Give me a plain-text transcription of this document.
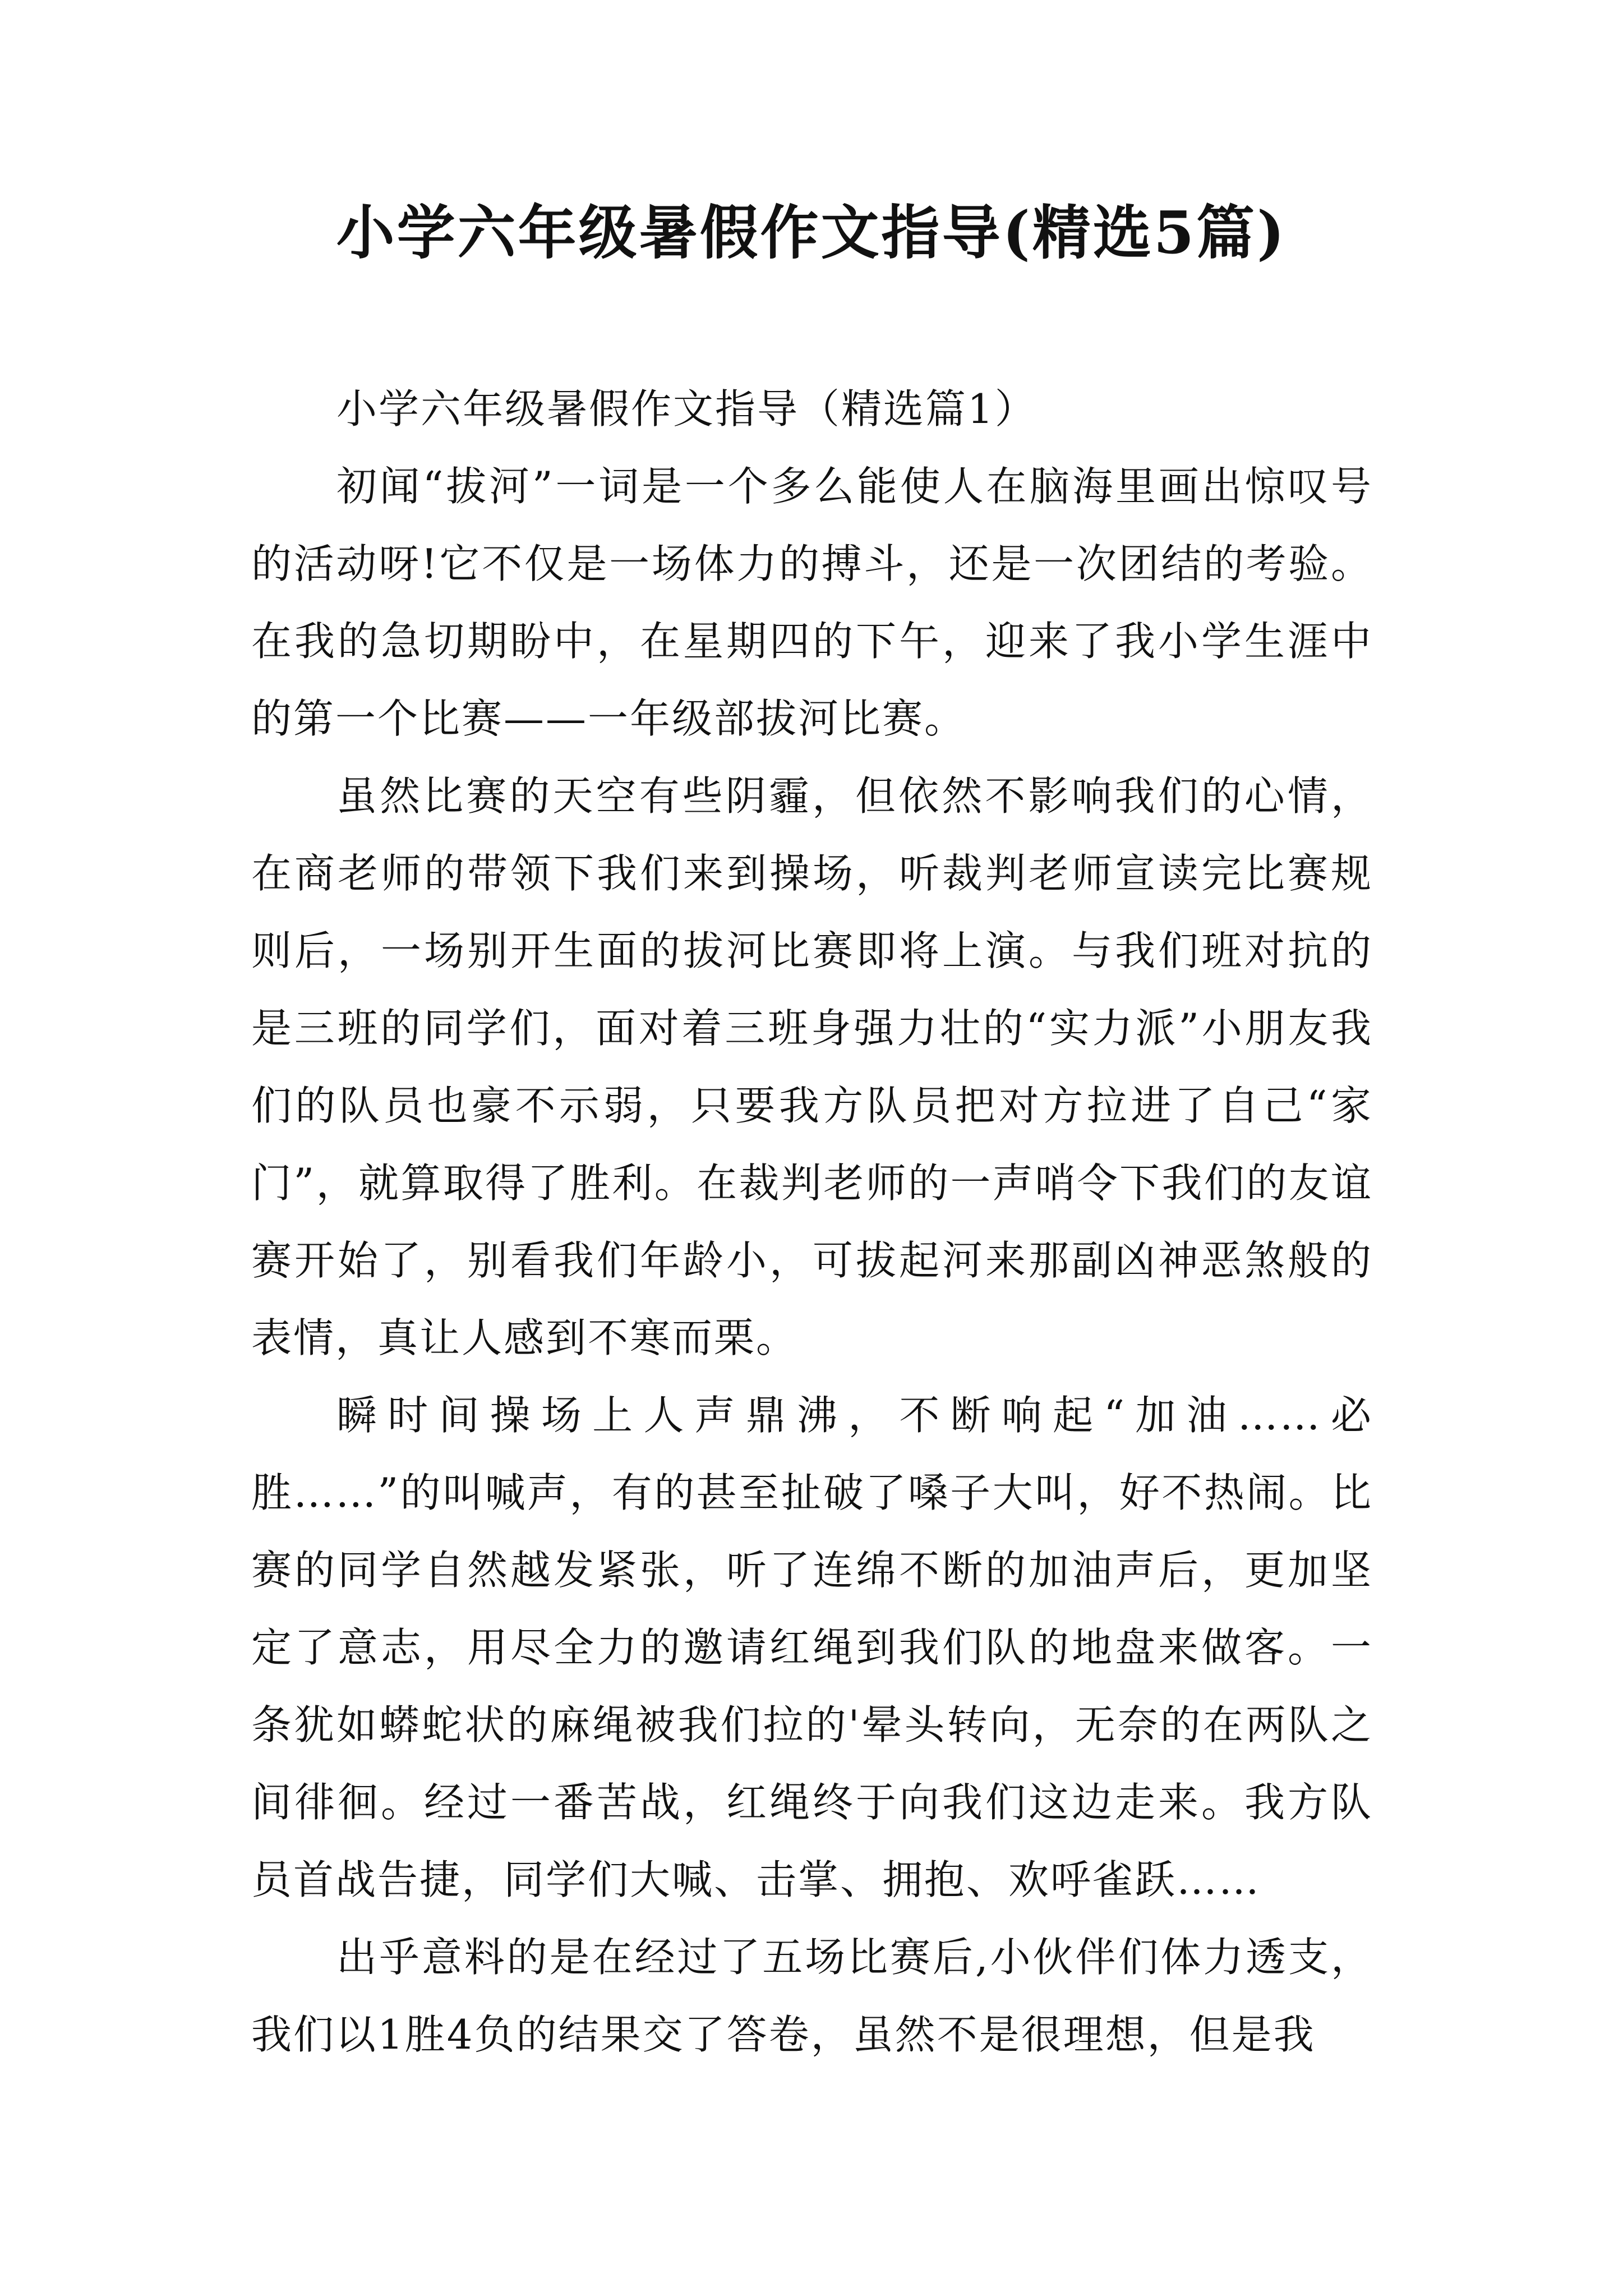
小学六年级暑假作文指导(精选5篇)

小学六年级暑假作文指导（精选篇1）

初闻“拔河”一词是一个多么能使人在脑海里画出惊叹号的活动呀!它不仅是一场体力的搏斗，还是一次团结的考验。在我的急切期盼中，在星期四的下午，迎来了我小学生涯中的第一个比赛——一年级部拔河比赛。

虽然比赛的天空有些阴霾，但依然不影响我们的心情，在商老师的带领下我们来到操场，听裁判老师宣读完比赛规则后，一场别开生面的拔河比赛即将上演。与我们班对抗的是三班的同学们，面对着三班身强力壮的“实力派”小朋友我们的队员也豪不示弱，只要我方队员把对方拉进了自己“家门”，就算取得了胜利。在裁判老师的一声哨令下我们的友谊赛开始了，别看我们年龄小，可拔起河来那副凶神恶煞般的表情，真让人感到不寒而栗。

瞬时间操场上人声鼎沸，不断响起“加油……必胜……”的叫喊声，有的甚至扯破了嗓子大叫，好不热闹。比赛的同学自然越发紧张，听了连绵不断的加油声后，更加坚定了意志，用尽全力的邀请红绳到我们队的地盘来做客。一条犹如蟒蛇状的麻绳被我们拉的'晕头转向，无奈的在两队之间徘徊。经过一番苦战，红绳终于向我们这边走来。我方队员首战告捷，同学们大喊、击掌、拥抱、欢呼雀跃……

出乎意料的是在经过了五场比赛后,小伙伴们体力透支，我们以1胜4负的结果交了答卷，虽然不是很理想，但是我
